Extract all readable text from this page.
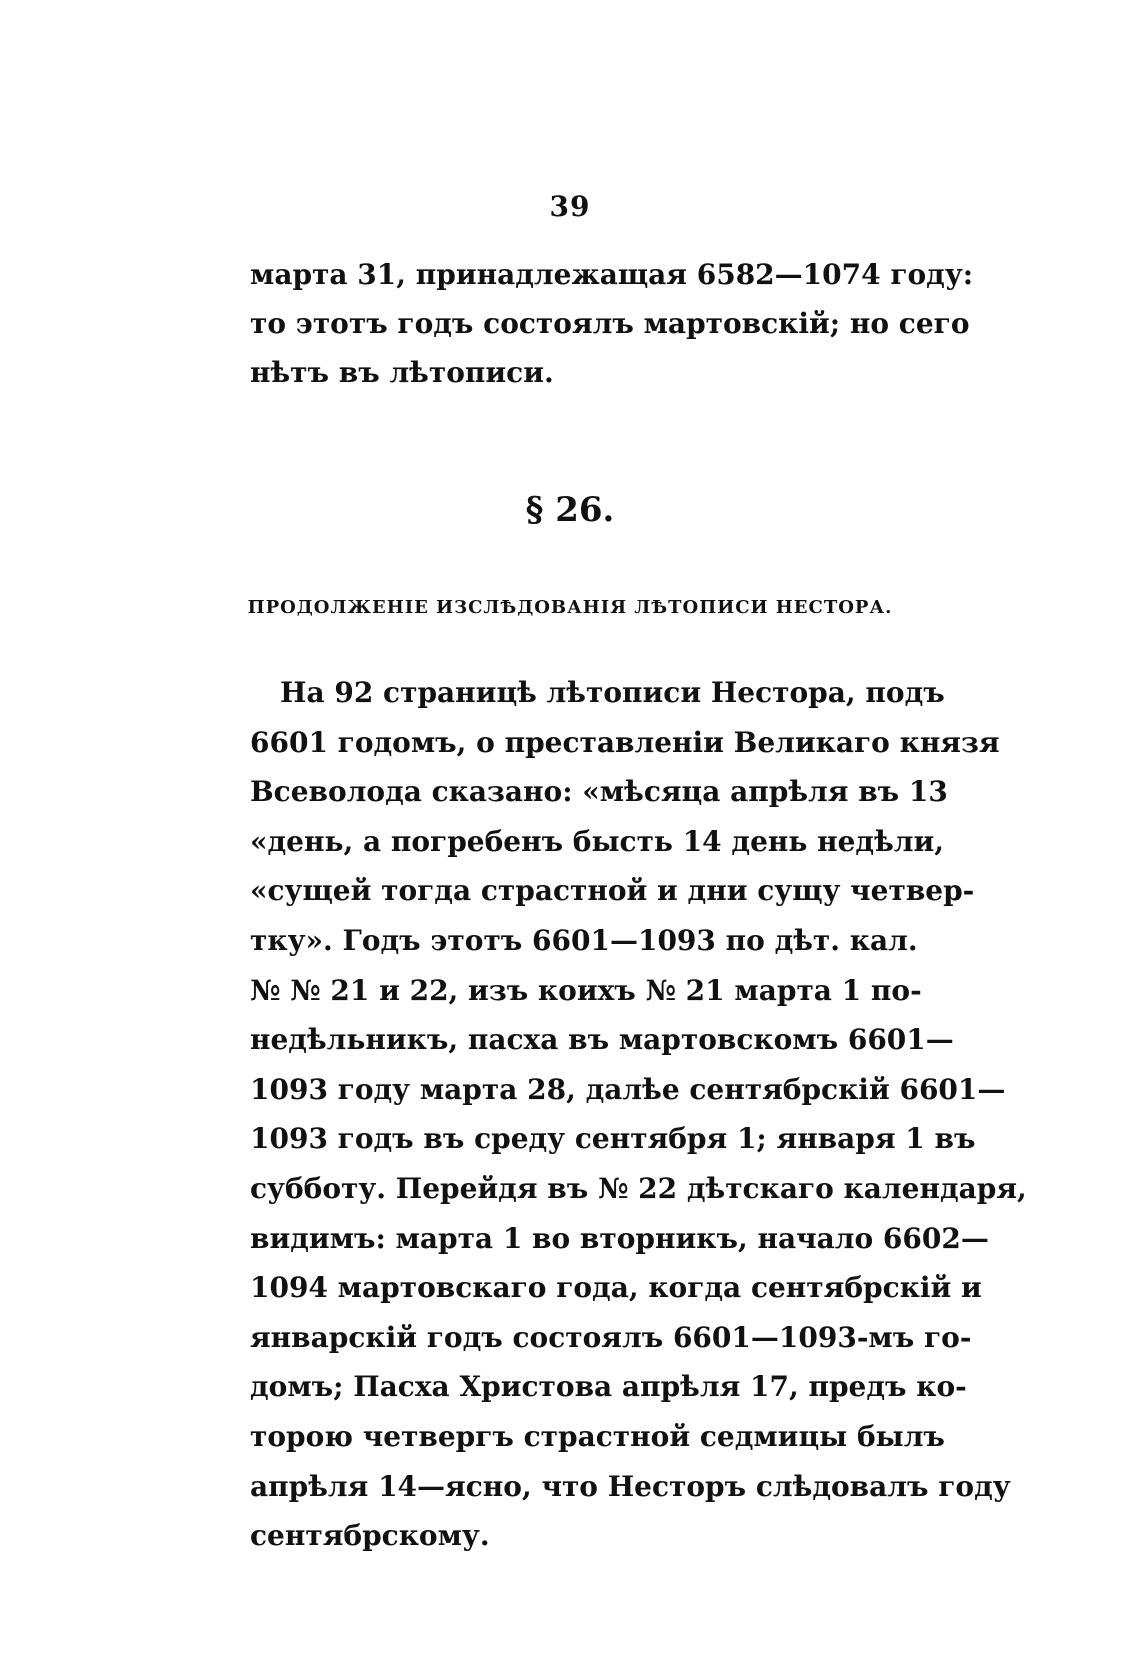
39
марта 31, принадлежащая 6582—1074 году:
то этотъ годъ состоялъ мартовскій; но сего
нѣтъ въ лѣтописи.
§ 26.
ПРОДОЛЖЕНІЕ ИЗСЛѢДОВАНІЯ ЛѢТОПИСИ НЕСТОРА.
На 92 страницѣ лѣтописи Нестора, подъ
6601 годомъ, о преставленіи Великаго князя
Всеволода сказано: «мѣсяца апрѣля въ 13
«день, а погребенъ бысть 14 день недѣли,
«сущей тогда страстной и дни сущу четвер-
тку». Годъ этотъ 6601—1093 по дѣт. кал.
№ № 21 и 22, изъ коихъ № 21 марта 1 по-
недѣльникъ, пасха въ мартовскомъ 6601—
1093 году марта 28, далѣе сентябрскій 6601—
1093 годъ въ среду сентября 1; января 1 въ
субботу. Перейдя въ № 22 дѣтскаго календаря,
видимъ: марта 1 во вторникъ, начало 6602—
1094 мартовскаго года, когда сентябрскій и
январскій годъ состоялъ 6601—1093-мъ го-
домъ; Пасха Христова апрѣля 17, предъ ко-
торою четвергъ страстной седмицы былъ
апрѣля 14—ясно, что Несторъ слѣдовалъ году
сентябрскому.
